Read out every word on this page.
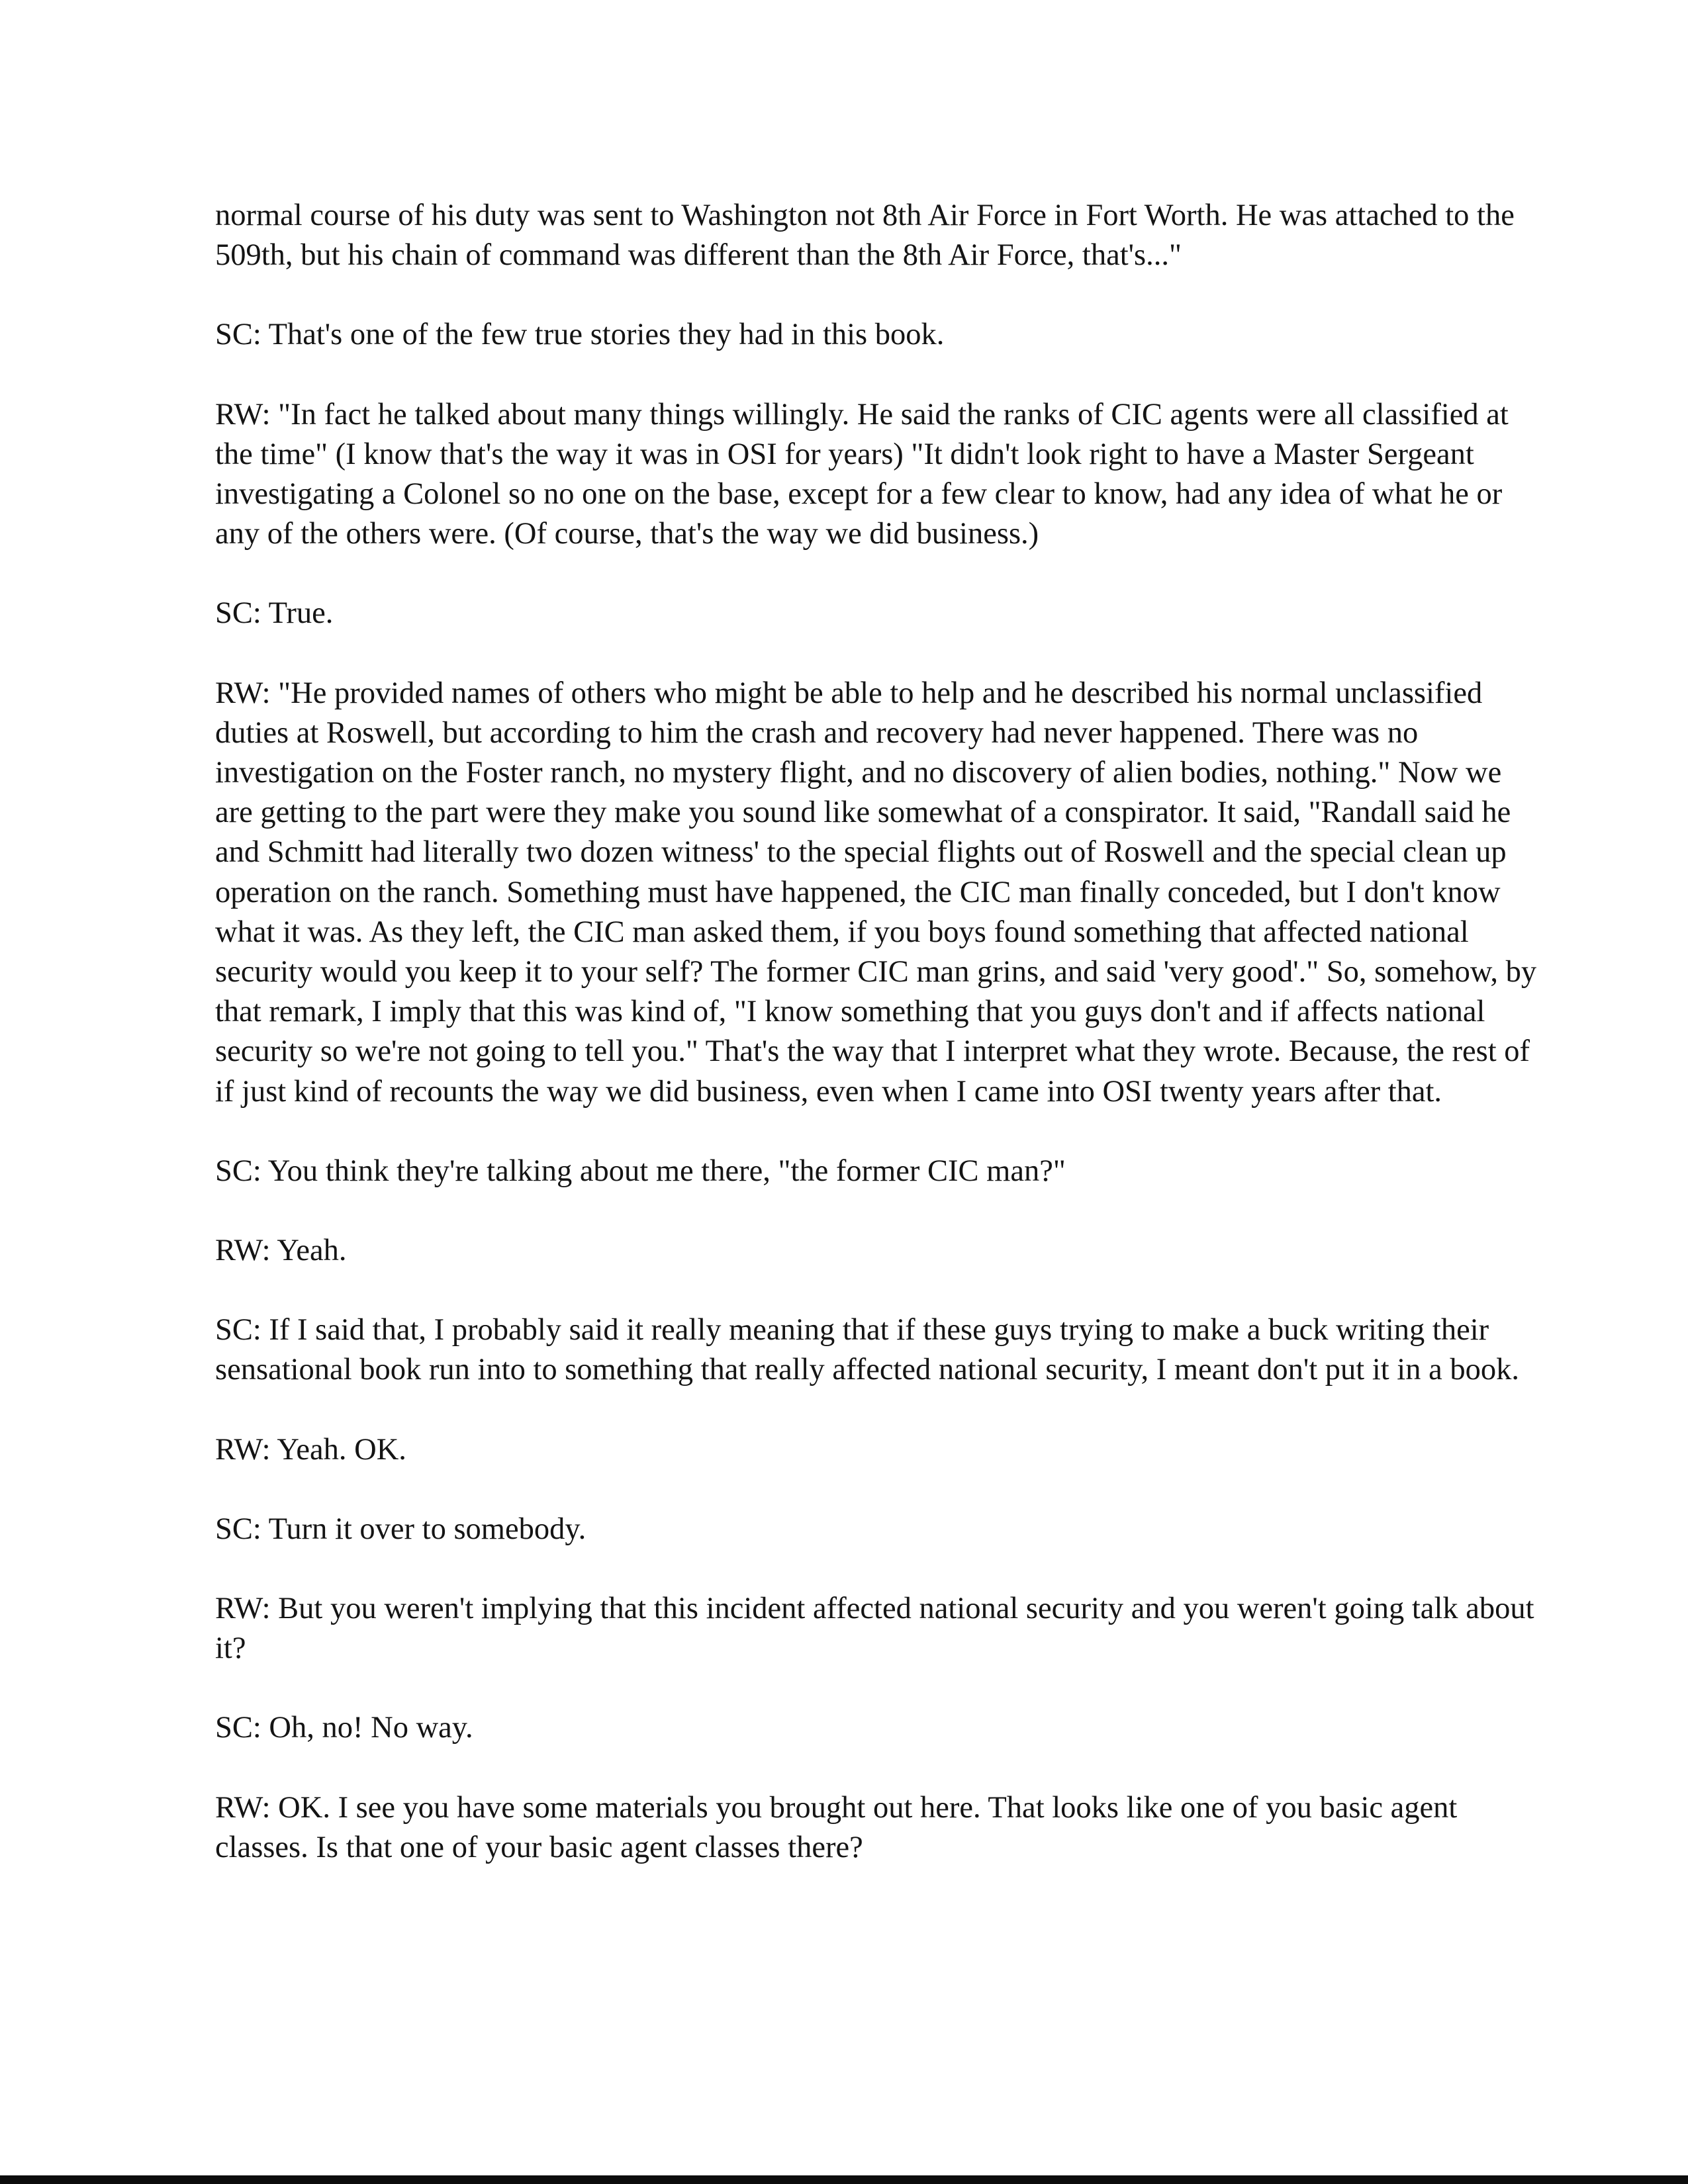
normal course of his duty was sent to Washington not 8th Air Force in Fort Worth. He was attached to the 509th, but his chain of command was different than the 8th Air Force, that's..."

SC: That's one of the few true stories they had in this book.

RW: "In fact he talked about many things willingly. He said the ranks of CIC agents were all classified at the time" (I know that's the way it was in OSI for years) "It didn't look right to have a Master Sergeant investigating a Colonel so no one on the base, except for a few clear to know, had any idea of what he or any of the others were. (Of course, that's the way we did business.)

SC: True.

RW: "He provided names of others who might be able to help and he described his normal unclassified duties at Roswell, but according to him the crash and recovery had never happened. There was no investigation on the Foster ranch, no mystery flight, and no discovery of alien bodies, nothing." Now we are getting to the part were they make you sound like somewhat of a conspirator. It said, "Randall said he and Schmitt had literally two dozen witness' to the special flights out of Roswell and the special clean up operation on the ranch. Something must have happened, the CIC man finally conceded, but I don't know what it was. As they left, the CIC man asked them, if you boys found something that affected national security would you keep it to your self? The former CIC man grins, and said 'very good'." So, somehow, by that remark, I imply that this was kind of, "I know something that you guys don't and if affects national security so we're not going to tell you." That's the way that I interpret what they wrote. Because, the rest of if just kind of recounts the way we did business, even when I came into OSI twenty years after that.

SC: You think they're talking about me there, "the former CIC man?"

RW: Yeah.

SC: If I said that, I probably said it really meaning that if these guys trying to make a buck writing their sensational book run into to something that really affected national security, I meant don't put it in a book.

RW: Yeah. OK.

SC: Turn it over to somebody.

RW: But you weren't implying that this incident affected national security and you weren't going talk about it?

SC: Oh, no! No way.

RW: OK. I see you have some materials you brought out here. That looks like one of you basic agent classes. Is that one of your basic agent classes there?
